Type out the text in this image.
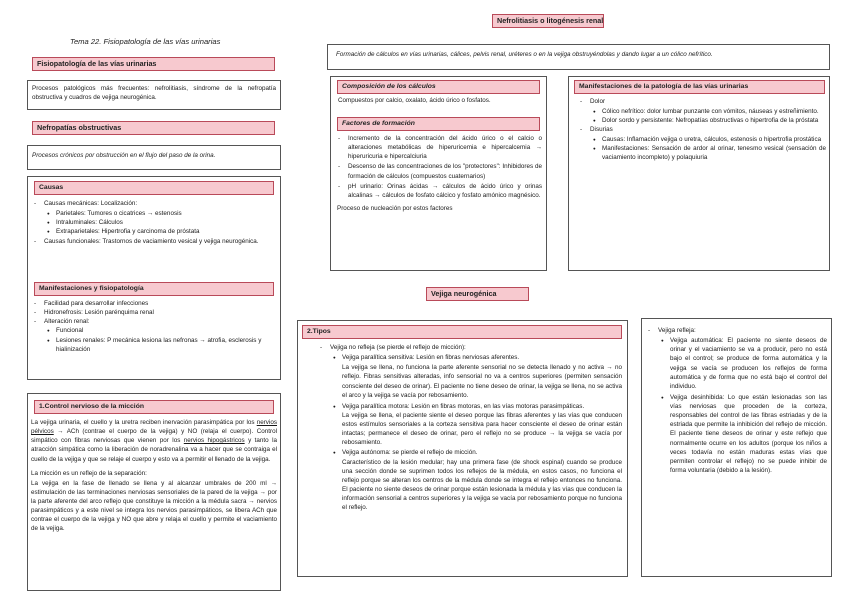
Tema 22. Fisiopatología de las vías urinarias
Fisiopatología de las vías urinarias
Procesos patológicos más frecuentes: nefrolitiasis, síndrome de la nefropatía obstructiva y cuadros de vejiga neurogénica.
Nefropatías obstructivas
Procesos crónicos por obstrucción en el flujo del paso de la orina.
Causas
- Causas mecánicas: Localización:
● Parietales: Tumores o cicatrices → estenosis
● Intraluminales: Cálculos
● Extraparietales: Hipertrofia y carcinoma de próstata
- Causas funcionales: Trastornos de vaciamiento vesical y vejiga neurogénica.
Manifestaciones y fisiopatología
- Facilidad para desarrollar infecciones
- Hidronefrosis: Lesión parénquima renal
- Alteración renal:
● Funcional
● Lesiones renales: P mecánica lesiona las nefronas → atrofia, esclerosis y hialinización
1.Control nervioso de la micción

La vejiga urinaria, el cuello y la uretra reciben inervación parasimpática por los nervios pélvicos → ACh (contrae el cuerpo de la vejiga) y NO (relaja el cuerpo). Control simpático con fibras nerviosas que vienen por los nervios hipogástricos y tanto la atracción simpática como la liberación de noradrenalina va a hacer que se contraiga el cuello de la vejiga y que se relaje el cuerpo y esto va a permitir el llenado de la vejiga.

La micción es un reflejo de la separación:

La vejiga en la fase de llenado se llena y al alcanzar umbrales de 200 ml → estimulación de las terminaciones nerviosas sensoriales de la pared de la vejiga → por la parte aferente del arco reflejo que constituye la micción a la médula sacra → nervios parasimpáticos y a este nivel se integra los nervios parasimpáticos, se libera ACh que contrae el cuerpo de la vejiga y NO que abre y relaja el cuello y permite el vaciamiento de la vejiga.

Nefrolitiasis o litogénesis renal
Formación de cálculos en vías urinarias, cálices, pelvis renal, uréteres o en la vejiga obstruyéndolas y dando lugar a un cólico nefrítico.
Composición de los cálculos
Compuestos por calcio, oxalato, ácido úrico o fosfatos.
Factores de formación
- Incremento de la concentración del ácido úrico o el calcio o alteraciones metabólicas de hiperuricemia e hipercalcemia → hiperuricuria e hipercalciuria
- Descenso de las concentraciones de los "protectores": Inhibidores de formación de cálculos (compuestos cuaternarios)
- pH urinario: Orinas ácidas → cálculos de ácido úrico y orinas alcalinas → cálculos de fosfato cálcico y fosfato amónico magnésico.

Proceso de nucleación por estos factores

Manifestaciones de la patología de las vías urinarias
- Dolor
● Cólico nefrítico: dolor lumbar punzante con vómitos, náuseas y estreñimiento.
● Dolor sordo y persistente: Nefropatías obstructivas o hipertrofia de la próstata
- Disurias
● Causas: Inflamación vejiga o uretra, cálculos, estenosis o hipertrofia prostática
● Manifestaciones: Sensación de ardor al orinar, tenesmo vesical (sensación de vaciamiento incompleto) y polaquiuria
Vejiga neurogénica
2.Tipos
- Vejiga no refleja (se pierde el reflejo de micción):
● Vejiga paralítica sensitiva: Lesión en fibras nerviosas aferentes.
La vejiga se llena, no funciona la parte aferente sensorial no se detecta llenado y no activa → no reflejo. Fibras sensitivas alteradas, info sensorial no va a centros superiores (permiten sensación consciente del deseo de orinar). El paciente no tiene deseo de orinar, la vejiga se llena, no se activa el arco y la vejiga se vacía por rebosamiento.
● Vejiga paralítica motora: Lesión en fibras motoras, en las vías motoras parasimpáticas.
La vejiga se llena, el paciente siente el deseo porque las fibras aferentes y las vías que conducen estos estímulos sensoriales a la corteza sensitiva para hacer consciente el deseo de orinar están intactas; permanece el deseo de orinar, pero el reflejo no se produce → la vejiga se vacía por rebosamiento.
● Vejiga autónoma: se pierde el reflejo de micción.
Característico de la lesión medular; hay una primera fase (de shock espinal) cuando se produce una sección donde se suprimen todos los reflejos de la médula, en estos casos, no funciona el reflejo porque se alteran los centros de la médula donde se integra el reflejo entonces no funciona. El paciente no siente deseos de orinar porque están lesionada la médula y las vías que conducen la información sensorial a centros superiores y la vejiga se vacía por rebosamiento porque no funciona el reflejo.
- Vejiga refleja:
● Vejiga automática: El paciente no siente deseos de orinar y el vaciamiento se va a producir, pero no está bajo el control; se produce de forma automática y la vejiga se vacía se producen los reflejos de forma automática y de forma que no está bajo el control del individuo.
● Vejiga desinhibida: Lo que están lesionadas son las vías nerviosas que proceden de la corteza, responsables del control de las fibras estriadas y de la estriada que permite la inhibición del reflejo de micción. El paciente tiene deseos de orinar y este reflejo que normalmente ocurre en los adultos (porque los niños a veces todavía no están maduras estas vías que permiten controlar el reflejo) no se puede inhibir de forma voluntaria (debido a la lesión).
